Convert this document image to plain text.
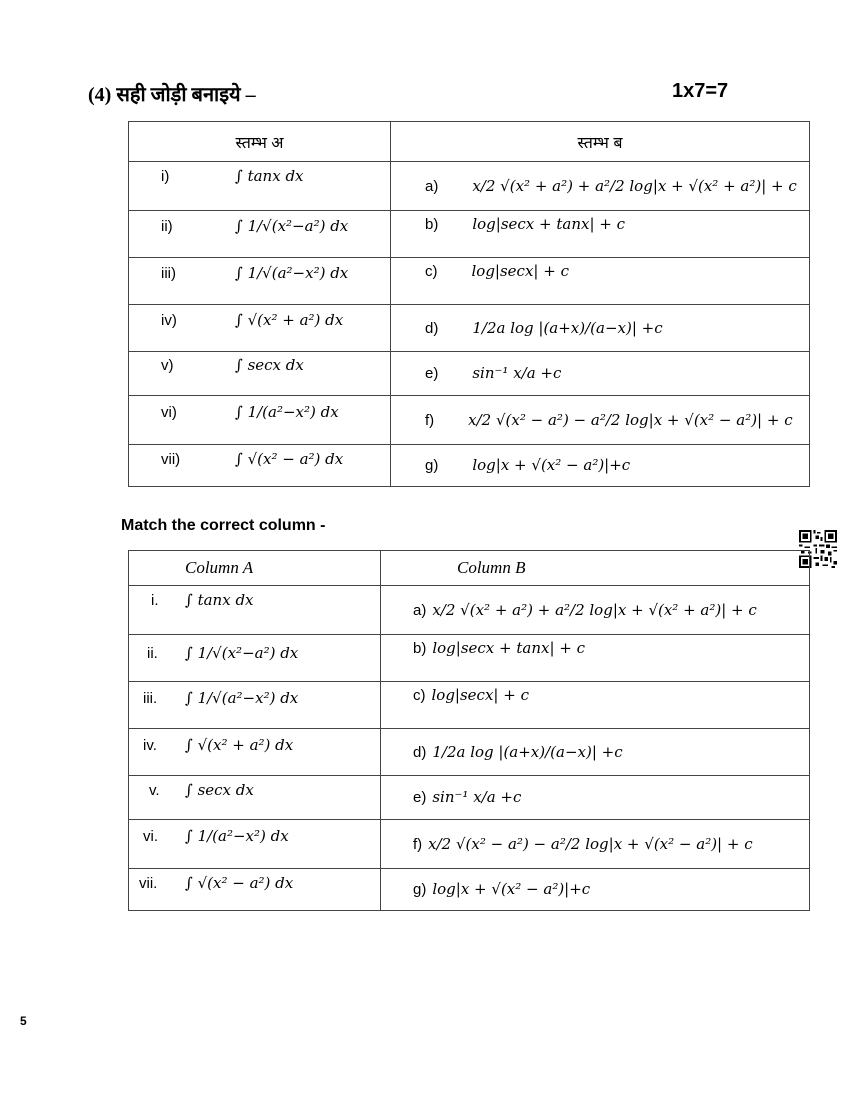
(4) सही जोड़ी बनाइये –	1x7=7
स्तम्भ अ	स्तम्भ ब

i) ∫ tanx dx	a) x/2 √(x² + a²) + a²/2 log|x + √(x² + a²)| + c

ii) ∫ 1/√(x²−a²) dx	b) log|secx + tanx| + c

iii) ∫ 1/√(a²−x²) dx	c) log|secx| + c

iv) ∫ √(x² + a²) dx	d) 1/2a log |(a+x)/(a−x)| +c

v) ∫ secx dx	e) sin⁻¹ x/a +c

vi) ∫ 1/(a²−x²) dx	f) x/2 √(x² − a²) − a²/2 log|x + √(x² − a²)| + c

vii) ∫ √(x² − a²) dx	g) log|x + √(x² − a²)|+c
Match the correct column -
Column A	Column B

i. ∫ tanx dx	a) x/2 √(x² + a²) + a²/2 log|x + √(x² + a²)| + c

ii. ∫ 1/√(x²−a²) dx	b) log|secx + tanx| + c

iii. ∫ 1/√(a²−x²) dx	c) log|secx| + c

iv. ∫ √(x² + a²) dx	d) 1/2a log |(a+x)/(a−x)| +c

v. ∫ secx dx	e) sin⁻¹ x/a +c

vi. ∫ 1/(a²−x²) dx	f) x/2 √(x² − a²) − a²/2 log|x + √(x² − a²)| + c

vii. ∫ √(x² − a²) dx	g) log|x + √(x² − a²)|+c
5
